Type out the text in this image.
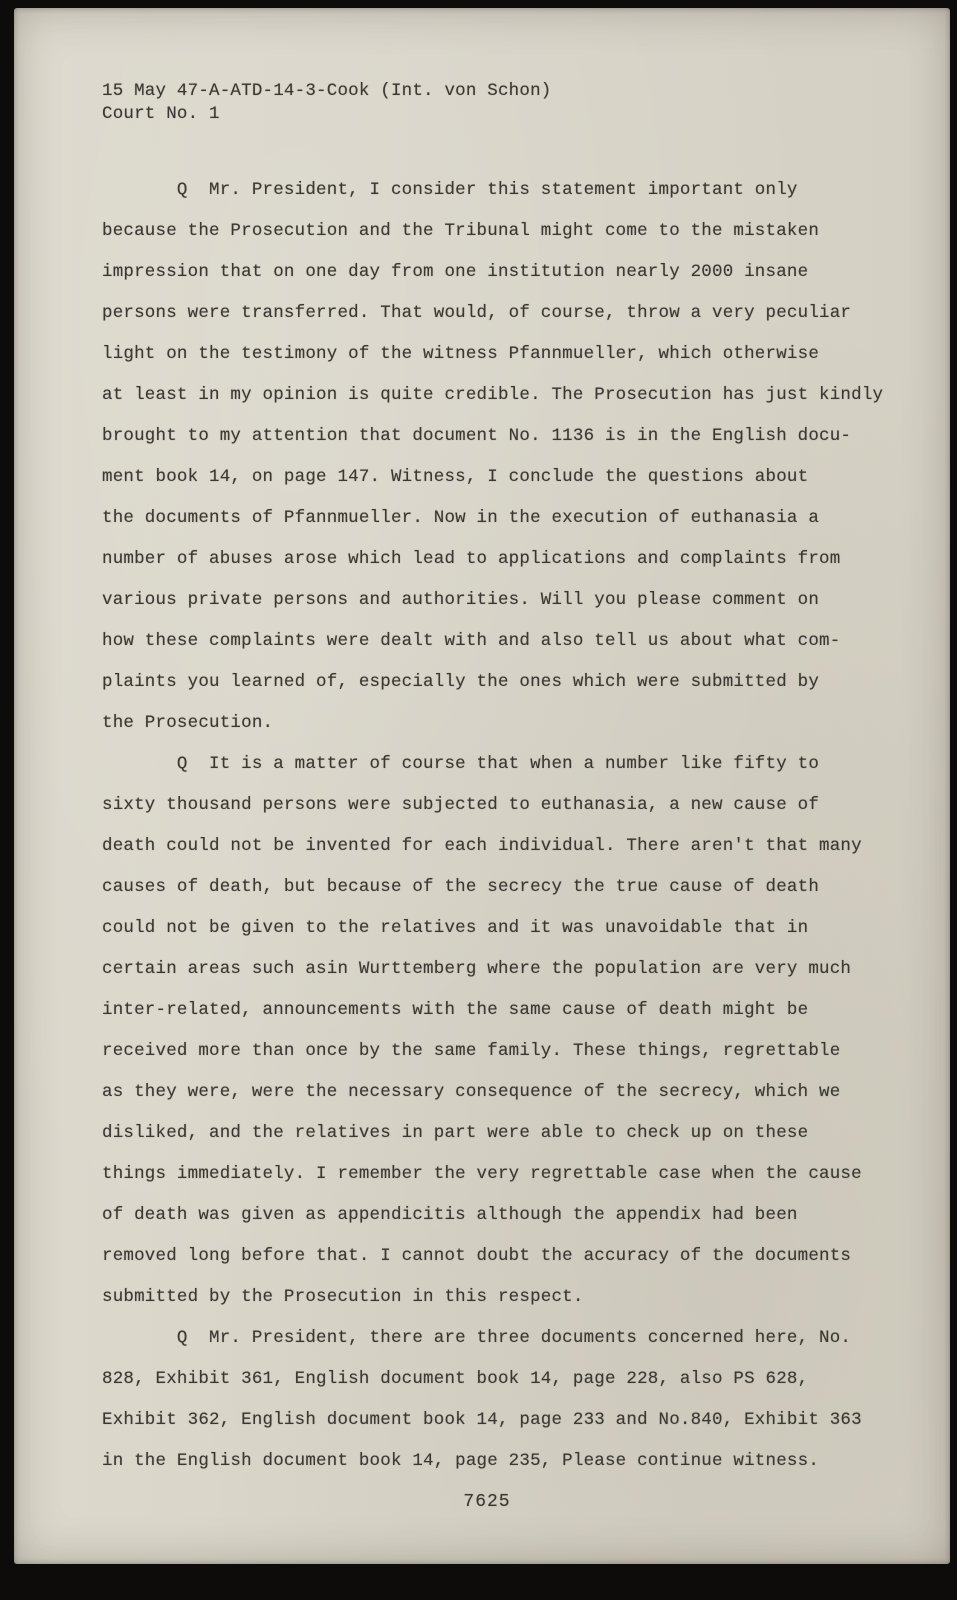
15 May 47-A-ATD-14-3-Cook (Int. von Schon)
Court No. 1
Q  Mr. President, I consider this statement important only
because the Prosecution and the Tribunal might come to the mistaken
impression that on one day from one institution nearly 2000 insane
persons were transferred. That would, of course, throw a very peculiar
light on the testimony of the witness Pfannmueller, which otherwise
at least in my opinion is quite credible. The Prosecution has just kindly
brought to my attention that document No. 1136 is in the English docu-
ment book 14, on page 147. Witness, I conclude the questions about
the documents of Pfannmueller. Now in the execution of euthanasia a
number of abuses arose which lead to applications and complaints from
various private persons and authorities. Will you please comment on
how these complaints were dealt with and also tell us about what com-
plaints you learned of, especially the ones which were submitted by
the Prosecution.
Q  It is a matter of course that when a number like fifty to
sixty thousand persons were subjected to euthanasia, a new cause of
death could not be invented for each individual. There aren't that many
causes of death, but because of the secrecy the true cause of death
could not be given to the relatives and it was unavoidable that in
certain areas such asin Wurttemberg where the population are very much
inter-related, announcements with the same cause of death might be
received more than once by the same family. These things, regrettable
as they were, were the necessary consequence of the secrecy, which we
disliked, and the relatives in part were able to check up on these
things immediately. I remember the very regrettable case when the cause
of death was given as appendicitis although the appendix had been
removed long before that. I cannot doubt the accuracy of the documents
submitted by the Prosecution in this respect.
Q  Mr. President, there are three documents concerned here, No.
828, Exhibit 361, English document book 14, page 228, also PS 628,
Exhibit 362, English document book 14, page 233 and No.840, Exhibit 363
in the English document book 14, page 235, Please continue witness.
7625
